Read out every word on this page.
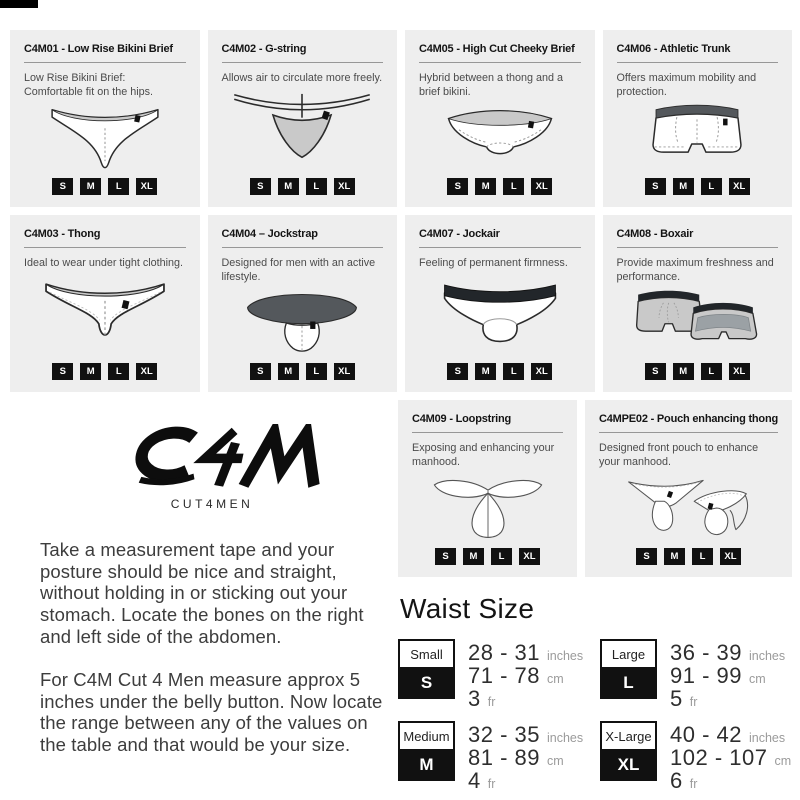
C4M01 - Low Rise Bikini Brief
Low Rise Bikini Brief: Comfortable fit on the hips.
S	M	L	XL
C4M02 - G-string
Allows air to circulate more freely.
S	M	L	XL
C4M05 - High Cut Cheeky Brief
Hybrid between a thong and a brief bikini.
S	M	L	XL
C4M06 - Athletic Trunk
Offers maximum mobility and protection.
S	M	L	XL
C4M03 - Thong
Ideal to wear under tight clothing.
S	M	L	XL
C4M04 – Jockstrap
Designed for men with an active lifestyle.
S	M	L	XL
C4M07 - Jockair
Feeling of permanent firmness.
S	M	L	XL
C4M08 - Boxair
Provide maximum freshness and performance.
S	M	L	XL
CUT4MEN

Take a measurement tape and your posture should be nice and straight, without holding in or sticking out your stomach. Locate the bones on the right and left side of the abdomen.

For C4M Cut 4 Men measure approx 5 inches under the belly button. Now locate the range between any of the values on the table and that would be your size.

C4M09 - Loopstring
Exposing and enhancing your manhood.
S	M	L	XL
C4MPE02 - Pouch enhancing thong
Designed front pouch to enhance your manhood.
S	M	L	XL
Waist Size
Small
S
28 - 31 inches
71 - 78 cm
3 fr
Large
L
36 - 39 inches
91 - 99 cm
5 fr
Medium
M
32 - 35 inches
81 - 89 cm
4 fr
X-Large
XL
40 - 42 inches
102 - 107 cm
6 fr
